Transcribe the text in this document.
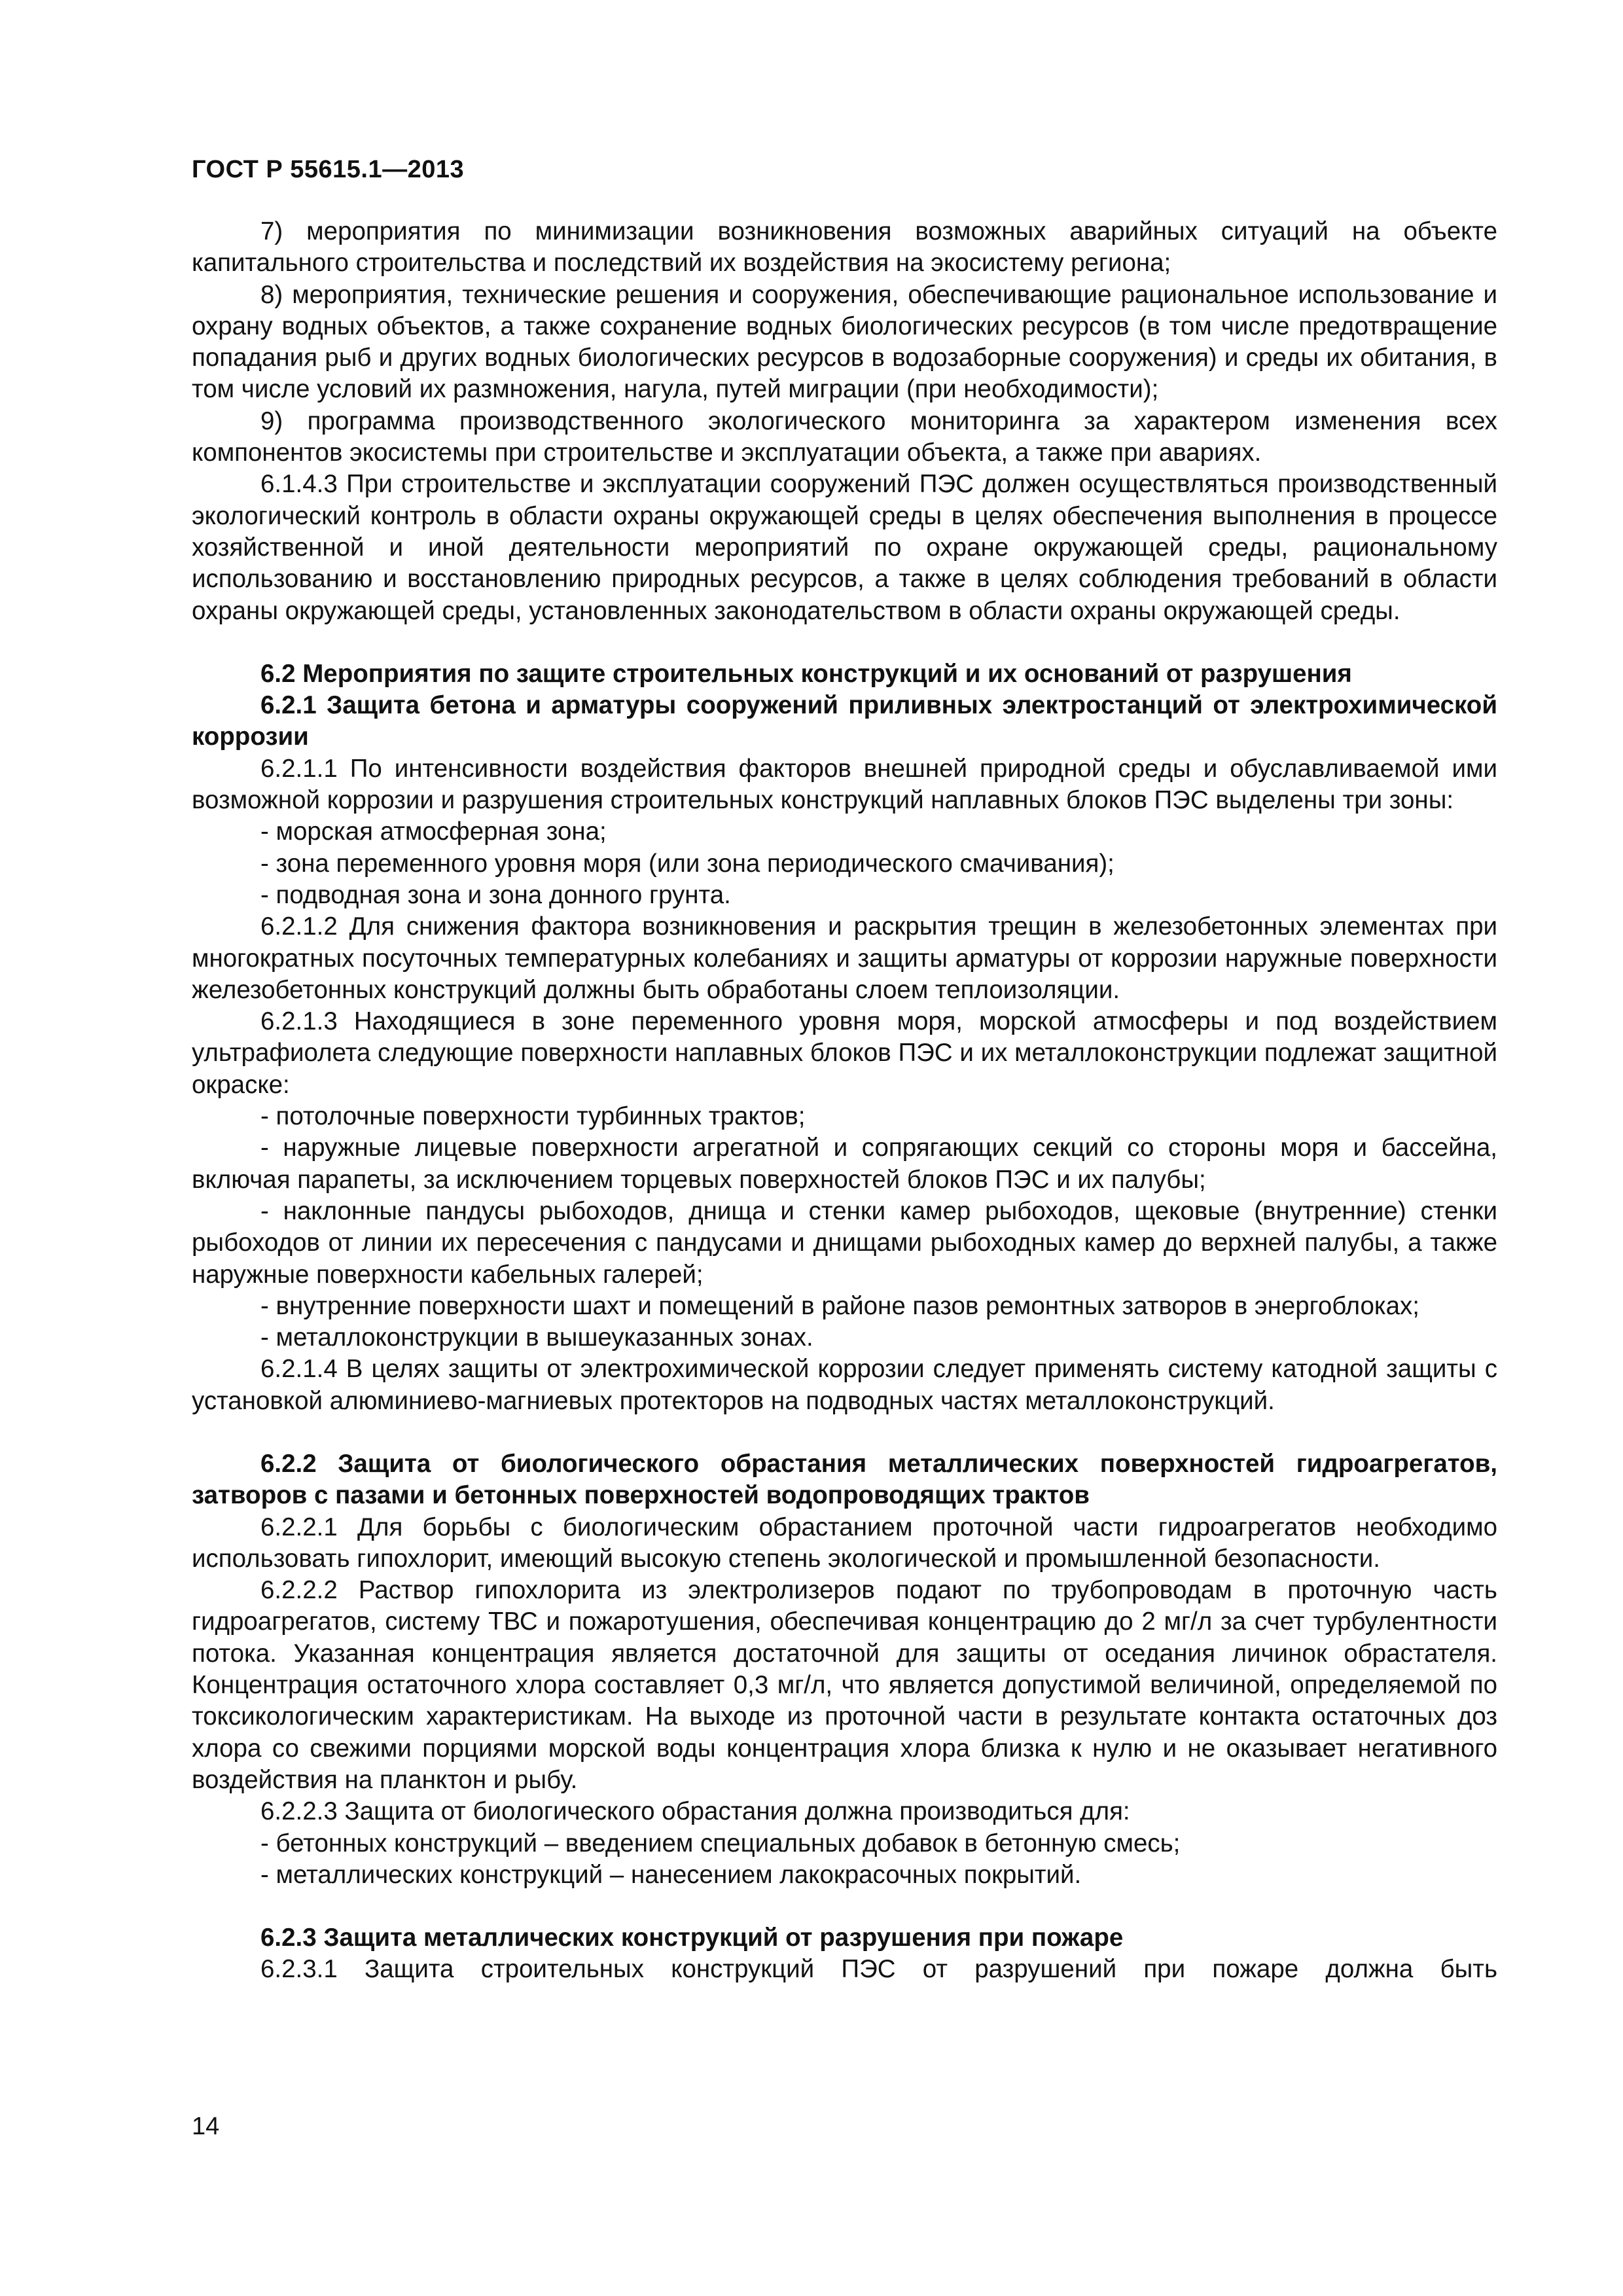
ГОСТ Р 55615.1—2013

7) мероприятия по минимизации возникновения возможных аварийных ситуаций на объекте капитального строительства и последствий их воздействия на экосистему региона;

8) мероприятия, технические решения и сооружения, обеспечивающие рациональное использование и охрану водных объектов, а также сохранение водных биологических ресурсов (в том числе предотвращение попадания рыб и других водных биологических ресурсов в водозаборные сооружения) и среды их обитания, в том числе условий их размножения, нагула, путей миграции (при необходимости);

9) программа производственного экологического мониторинга за характером изменения всех компонентов экосистемы при строительстве и эксплуатации объекта, а также при авариях.

6.1.4.3 При строительстве и эксплуатации сооружений ПЭС должен осуществляться производственный экологический контроль в области охраны окружающей среды в целях обеспечения выполнения в процессе хозяйственной и иной деятельности мероприятий по охране окружающей среды, рациональному использованию и восстановлению природных ресурсов, а также в целях соблюдения требований в области охраны окружающей среды, установленных законодательством в области охраны окружающей среды.

6.2 Мероприятия по защите строительных конструкций и их оснований от разрушения

6.2.1 Защита бетона и арматуры сооружений приливных электростанций от электрохимической коррозии

6.2.1.1 По интенсивности воздействия факторов внешней природной среды и обуславливаемой ими возможной коррозии и разрушения строительных конструкций наплавных блоков ПЭС выделены три зоны:

- морская атмосферная зона;

- зона переменного уровня моря (или зона периодического смачивания);

- подводная зона и зона донного грунта.

6.2.1.2 Для снижения фактора возникновения и раскрытия трещин в железобетонных элементах при многократных посуточных температурных колебаниях и защиты арматуры от коррозии наружные поверхности железобетонных конструкций должны быть обработаны слоем теплоизоляции.

6.2.1.3 Находящиеся в зоне переменного уровня моря, морской атмосферы и под воздействием ультрафиолета следующие поверхности наплавных блоков ПЭС и их металлоконструкции подлежат защитной окраске:

- потолочные поверхности турбинных трактов;

- наружные лицевые поверхности агрегатной и сопрягающих секций со стороны моря и бассейна, включая парапеты, за исключением торцевых поверхностей блоков ПЭС и их палубы;

- наклонные пандусы рыбоходов, днища и стенки камер рыбоходов, щековые (внутренние) стенки рыбоходов от линии их пересечения с пандусами и днищами рыбоходных камер до верхней палубы, а также наружные поверхности кабельных галерей;

- внутренние поверхности шахт и помещений в районе пазов ремонтных затворов в энергоблоках;

- металлоконструкции в вышеуказанных зонах.

6.2.1.4 В целях защиты от электрохимической коррозии следует применять систему катодной защиты с установкой алюминиево-магниевых протекторов на подводных частях металлоконструкций.

6.2.2 Защита от биологического обрастания металлических поверхностей гидроагрегатов, затворов с пазами и бетонных поверхностей водопроводящих трактов

6.2.2.1 Для борьбы с биологическим обрастанием проточной части гидроагрегатов необходимо использовать гипохлорит, имеющий высокую степень экологической и промышленной безопасности.

6.2.2.2 Раствор гипохлорита из электролизеров подают по трубопроводам в проточную часть гидроагрегатов, систему ТВС и пожаротушения, обеспечивая концентрацию до 2 мг/л за счет турбулентности потока. Указанная концентрация является достаточной для защиты от оседания личинок обрастателя. Концентрация остаточного хлора составляет 0,3 мг/л, что является допустимой величиной, определяемой по токсикологическим характеристикам. На выходе из проточной части в результате контакта остаточных доз хлора со свежими порциями морской воды концентрация хлора близка к нулю и не оказывает негативного воздействия на планктон и рыбу.

6.2.2.3 Защита от биологического обрастания должна производиться для:

- бетонных конструкций – введением специальных добавок в бетонную смесь;

- металлических конструкций – нанесением лакокрасочных покрытий.

6.2.3 Защита металлических конструкций от разрушения при пожаре

6.2.3.1 Защита строительных конструкций ПЭС от разрушений при пожаре должна быть

14
